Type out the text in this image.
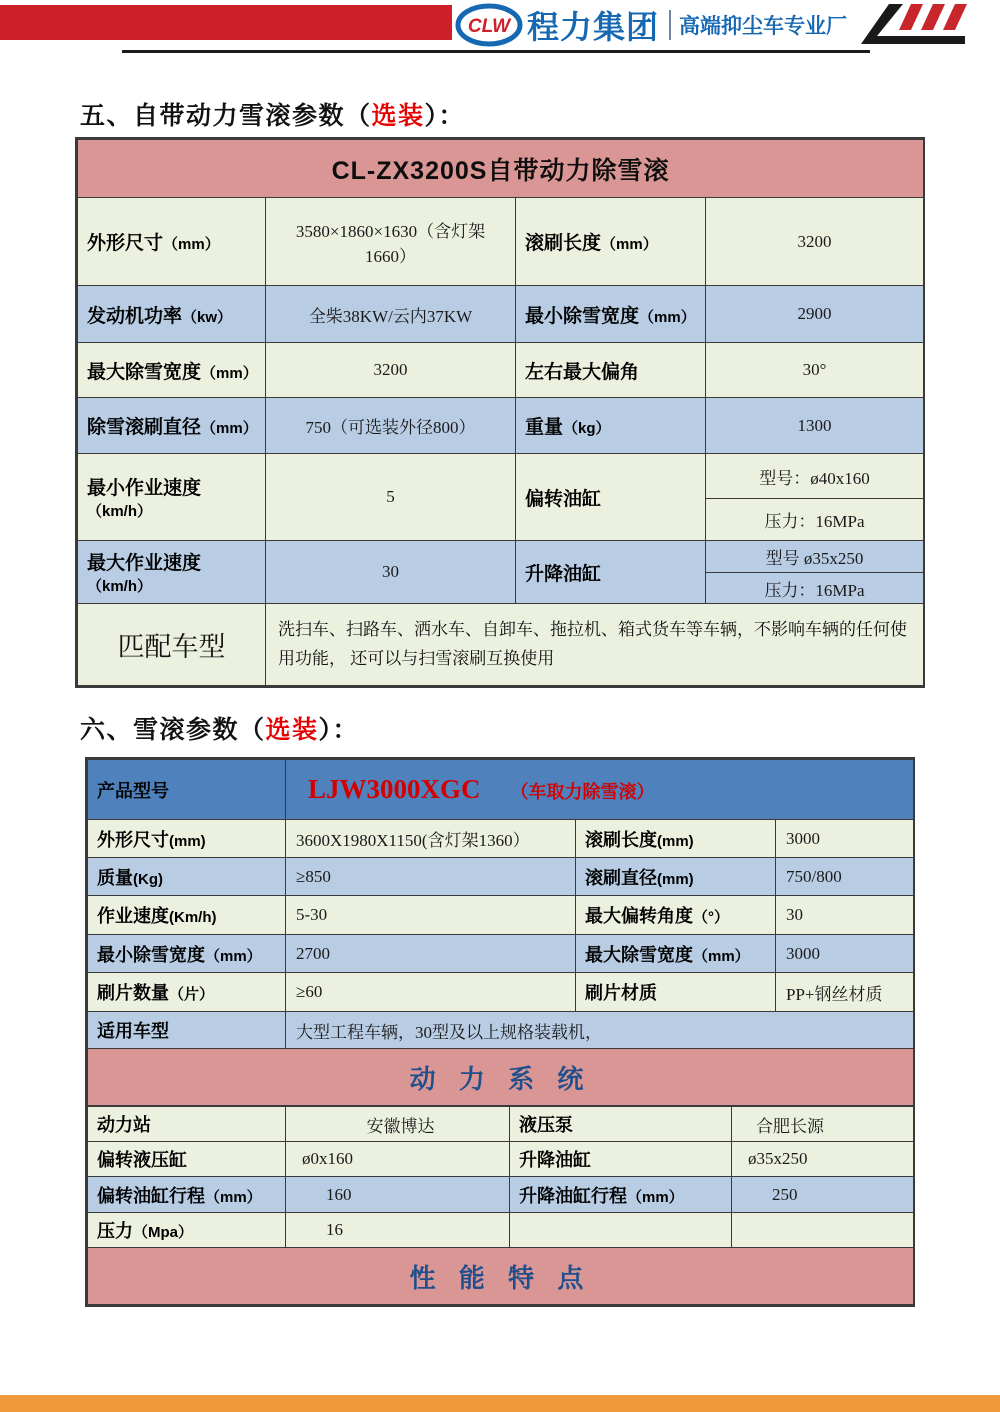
CLW 程力集团 高端抑尘车专业厂
五、自带动力雪滚参数（选装）：
CL-ZX3200S自带动力除雪滚			
外形尺寸（mm）	3580×1860×1630（含灯架1660）	滚刷长度（mm）	3200
发动机功率（kw）	全柴38KW/云内37KW	最小除雪宽度（mm）	2900
最大除雪宽度（mm）	3200	左右最大偏角	30°
除雪滚刷直径（mm）	750（可选装外径800）	重量（kg）	1300
最小作业速度（km/h）	5	偏转油缸	型号：ø40x160
			压力：16MPa
最大作业速度（km/h）	30	升降油缸	型号 ø35x250
			压力：16MPa
匹配车型	洗扫车、扫路车、洒水车、自卸车、拖拉机、箱式货车等车辆，不影响车辆的任何使用功能， 还可以与扫雪滚刷互换使用		
六、雪滚参数（选装）：
产品型号	LJW3000XGC （车取力除雪滚）		
外形尺寸(mm)	3600X1980X1150(含灯架1360）	滚刷长度(mm)	3000
质量(Kg)	≥850	滚刷直径(mm)	750/800
作业速度(Km/h)	5-30	最大偏转角度（°）	30
最小除雪宽度（mm）	2700	最大除雪宽度（mm）	3000
刷片数量（片）	≥60	刷片材质	PP+钢丝材质
适用车型	大型工程车辆，30型及以上规格装载机，		
动 力 系 统			
动力站	安徽博达	液压泵	合肥长源
偏转液压缸	ø0x160	升降油缸	ø35x250
偏转油缸行程（mm）	160	升降油缸行程（mm）	250
压力（Mpa）	16		
性 能 特 点			
